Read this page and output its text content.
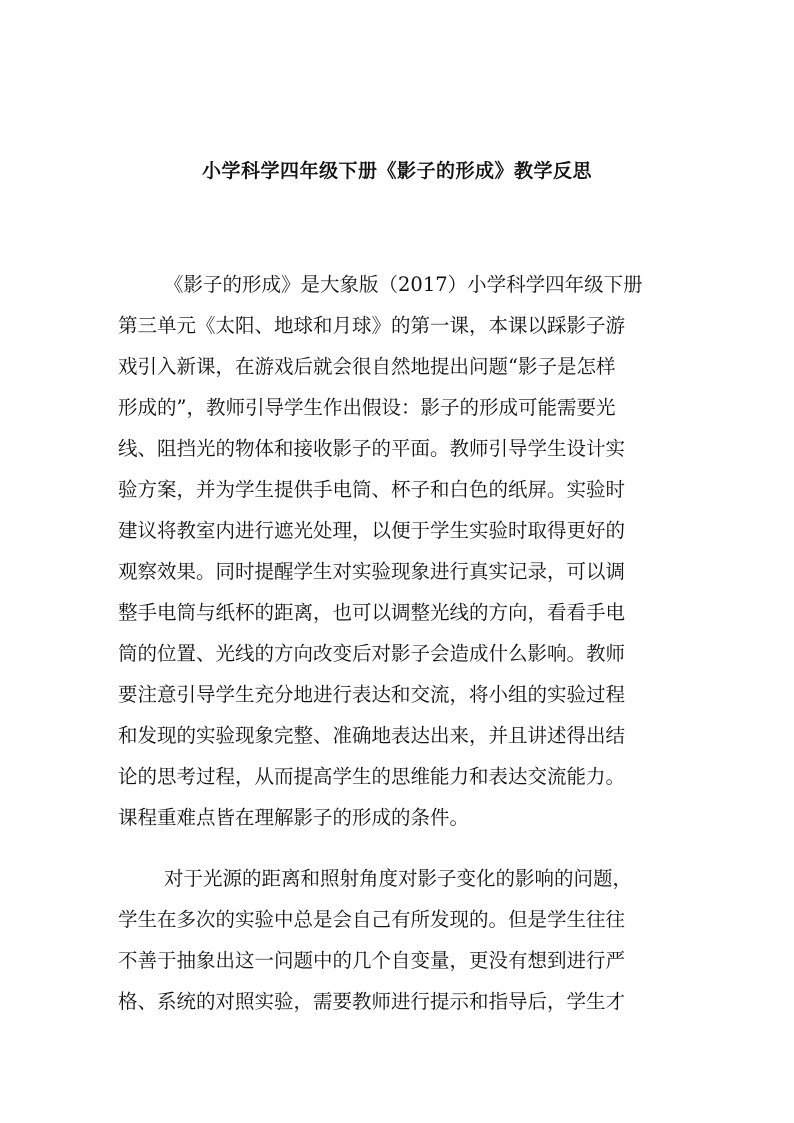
小学科学四年级下册《影子的形成》教学反思
《影子的形成》是大象版（2017）小学科学四年级下册
第三单元《太阳、地球和月球》的第一课，本课以踩影子游
戏引入新课，在游戏后就会很自然地提出问题“影子是怎样
形成的”，教师引导学生作出假设：影子的形成可能需要光
线、阻挡光的物体和接收影子的平面。教师引导学生设计实
验方案，并为学生提供手电筒、杯子和白色的纸屏。实验时
建议将教室内进行遮光处理，以便于学生实验时取得更好的
观察效果。同时提醒学生对实验现象进行真实记录，可以调
整手电筒与纸杯的距离，也可以调整光线的方向，看看手电
筒的位置、光线的方向改变后对影子会造成什么影响。教师
要注意引导学生充分地进行表达和交流，将小组的实验过程
和发现的实验现象完整、准确地表达出来，并且讲述得出结
论的思考过程，从而提高学生的思维能力和表达交流能力。
课程重难点皆在理解影子的形成的条件。
对于光源的距离和照射角度对影子变化的影响的问题，
学生在多次的实验中总是会自己有所发现的。但是学生往往
不善于抽象出这一问题中的几个自变量，更没有想到进行严
格、系统的对照实验，需要教师进行提示和指导后，学生才
